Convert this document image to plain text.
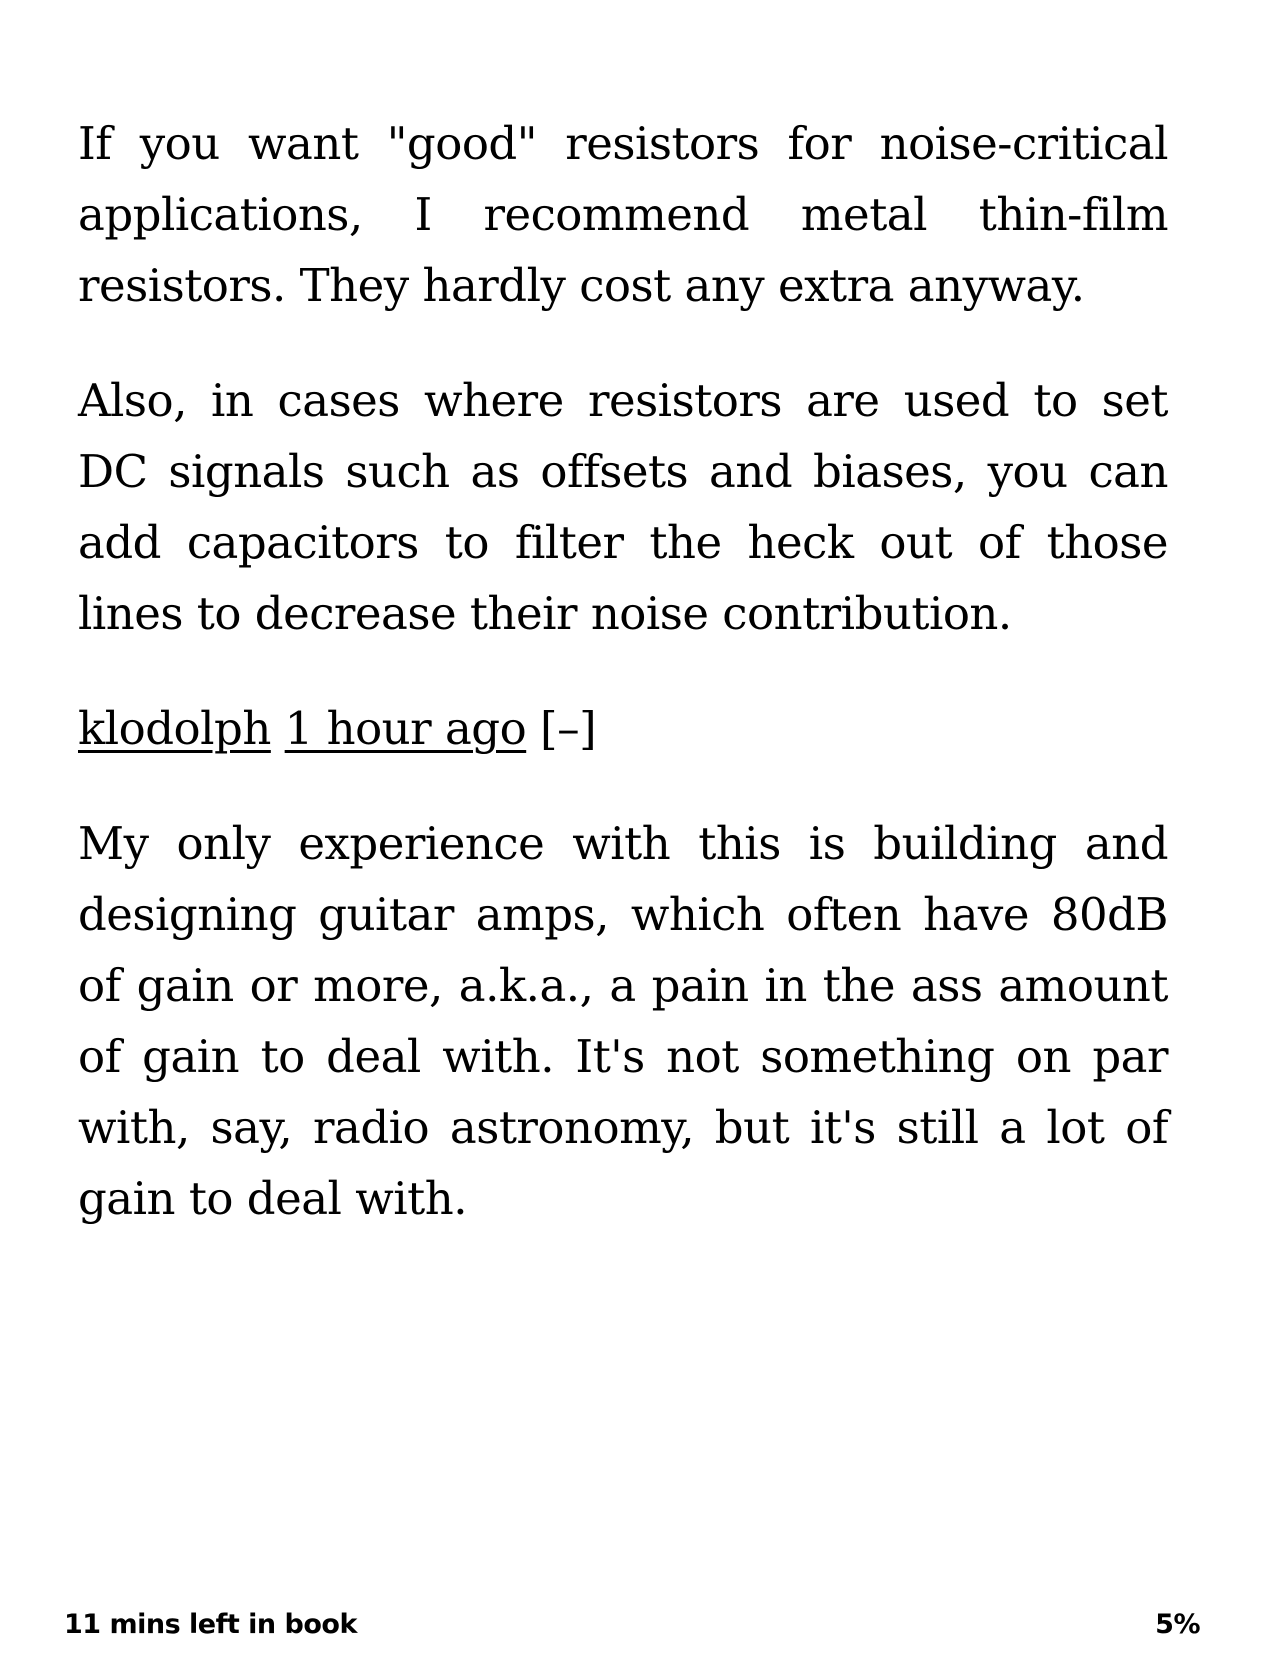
If you want "good" resistors for noise-critical applications, I recommend metal thin-film resistors. They hardly cost any extra anyway.

Also, in cases where resistors are used to set DC signals such as offsets and biases, you can add capacitors to filter the heck out of those lines to decrease their noise contribution.

klodolph 1 hour ago [–]

My only experience with this is building and designing guitar amps, which often have 80dB of gain or more, a.k.a., a pain in the ass amount of gain to deal with. It's not something on par with, say, radio astronomy, but it's still a lot of gain to deal with.

11 mins left in book	5%
